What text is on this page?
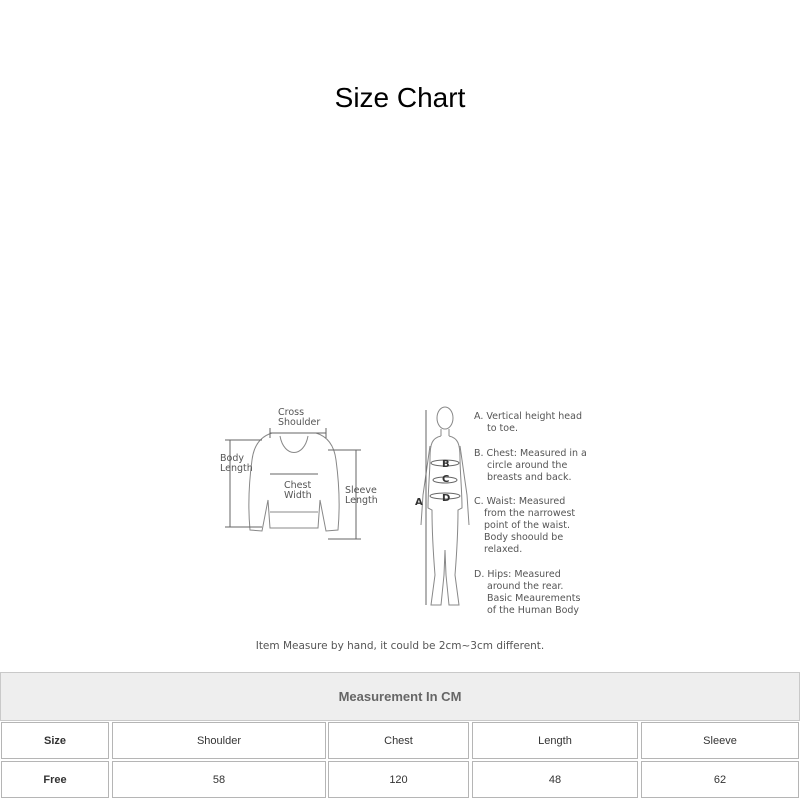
Size Chart
Cross
Shoulder
Body
Length
Chest
Width	Sleeve
Length	A
B
C
D
A. Vertical height head
to toe.
B. Chest: Measured in a
circle around the
breasts and back.
C. Waist: Measured
from the narrowest
point of the waist.
Body shoould be
relaxed.
D. Hips: Measured
around the rear.
Basic Meaurements
of the Human Body
Item Measure by hand, it could be 2cm~3cm different.
Measurement In CM
Size	Shoulder	Chest	Length	Sleeve
Free	58	120	48	62
